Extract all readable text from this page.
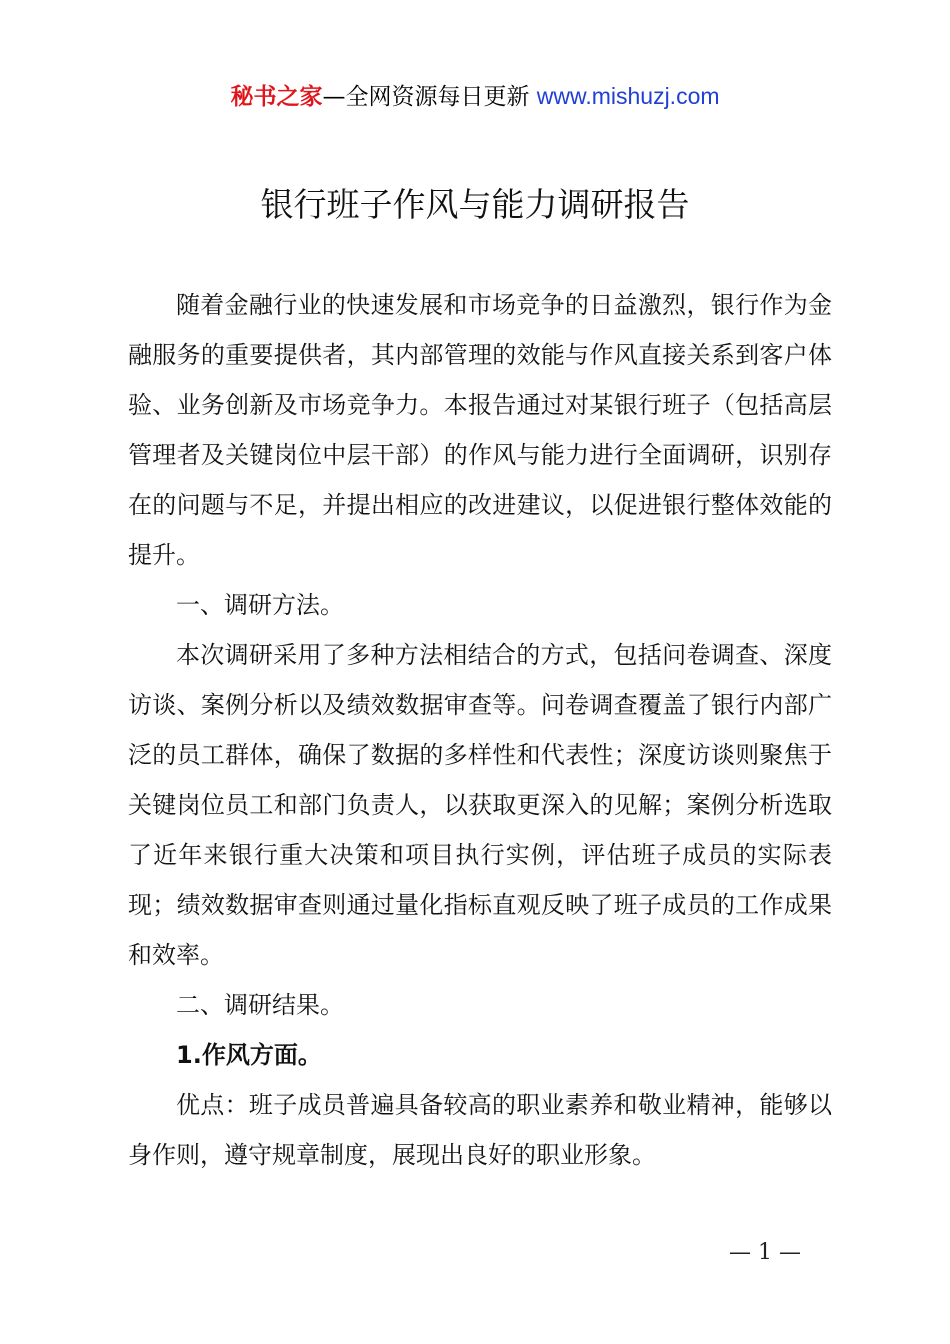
秘书之家—全网资源每日更新 www.mishuzj.com
银行班子作风与能力调研报告

随着金融行业的快速发展和市场竞争的日益激烈，银行作为金融服务的重要提供者，其内部管理的效能与作风直接关系到客户体验、业务创新及市场竞争力。本报告通过对某银行班子（包括高层管理者及关键岗位中层干部）的作风与能力进行全面调研，识别存在的问题与不足，并提出相应的改进建议，以促进银行整体效能的提升。

一、调研方法。

本次调研采用了多种方法相结合的方式，包括问卷调查、深度访谈、案例分析以及绩效数据审查等。问卷调查覆盖了银行内部广泛的员工群体，确保了数据的多样性和代表性；深度访谈则聚焦于关键岗位员工和部门负责人，以获取更深入的见解；案例分析选取了近年来银行重大决策和项目执行实例，评估班子成员的实际表现；绩效数据审查则通过量化指标直观反映了班子成员的工作成果和效率。

二、调研结果。

1.作风方面。

优点：班子成员普遍具备较高的职业素养和敬业精神，能够以身作则，遵守规章制度，展现出良好的职业形象。

— 1 —
